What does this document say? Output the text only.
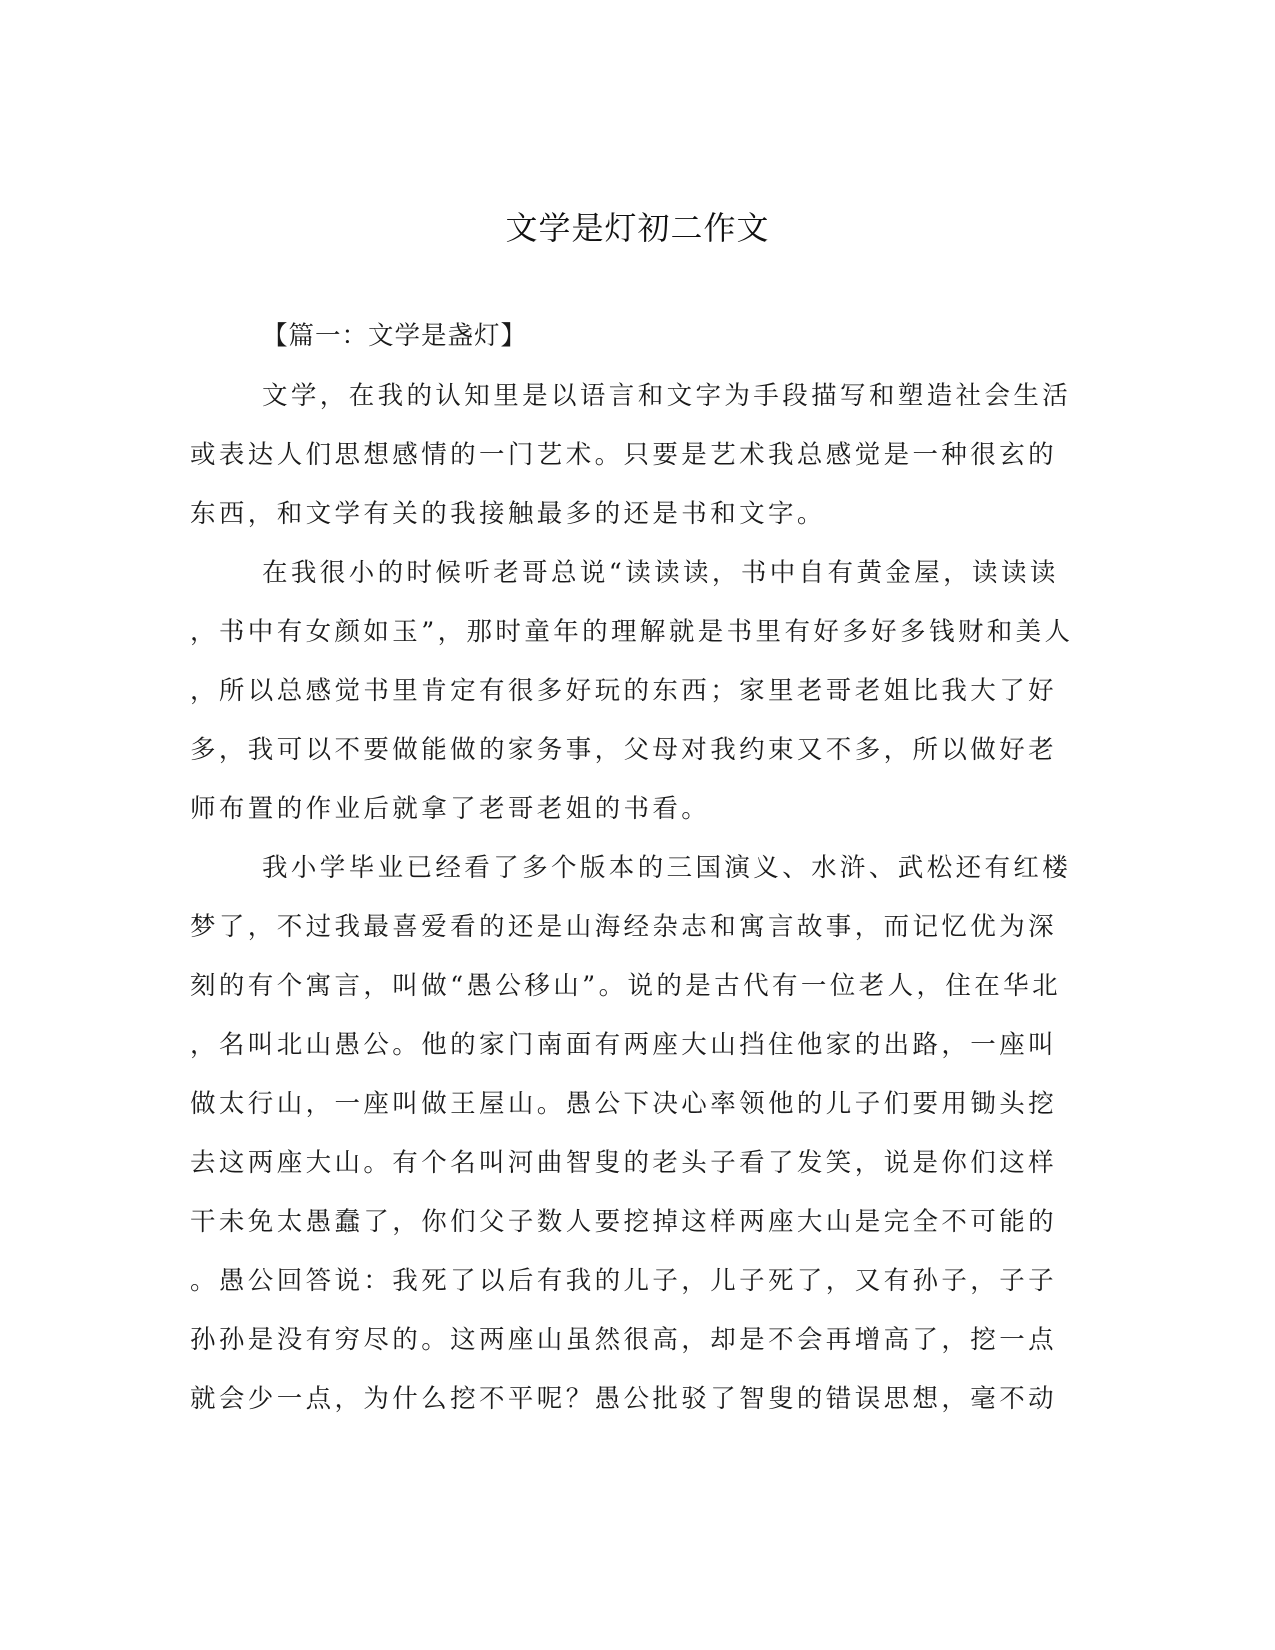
文学是灯初二作文
【篇一：文学是盏灯】
文学，在我的认知里是以语言和文字为手段描写和塑造社会生活
或表达人们思想感情的一门艺术。只要是艺术我总感觉是一种很玄的
东西，和文学有关的我接触最多的还是书和文字。
在我很小的时候听老哥总说“读读读，书中自有黄金屋，读读读
，书中有女颜如玉”，那时童年的理解就是书里有好多好多钱财和美人
，所以总感觉书里肯定有很多好玩的东西；家里老哥老姐比我大了好
多，我可以不要做能做的家务事，父母对我约束又不多，所以做好老
师布置的作业后就拿了老哥老姐的书看。
我小学毕业已经看了多个版本的三国演义、水浒、武松还有红楼
梦了，不过我最喜爱看的还是山海经杂志和寓言故事，而记忆优为深
刻的有个寓言，叫做“愚公移山”。说的是古代有一位老人，住在华北
，名叫北山愚公。他的家门南面有两座大山挡住他家的出路，一座叫
做太行山，一座叫做王屋山。愚公下决心率领他的儿子们要用锄头挖
去这两座大山。有个名叫河曲智叟的老头子看了发笑，说是你们这样
干未免太愚蠢了，你们父子数人要挖掉这样两座大山是完全不可能的
。愚公回答说：我死了以后有我的儿子，儿子死了，又有孙子，子子
孙孙是没有穷尽的。这两座山虽然很高，却是不会再增高了，挖一点
就会少一点，为什么挖不平呢？愚公批驳了智叟的错误思想，毫不动
